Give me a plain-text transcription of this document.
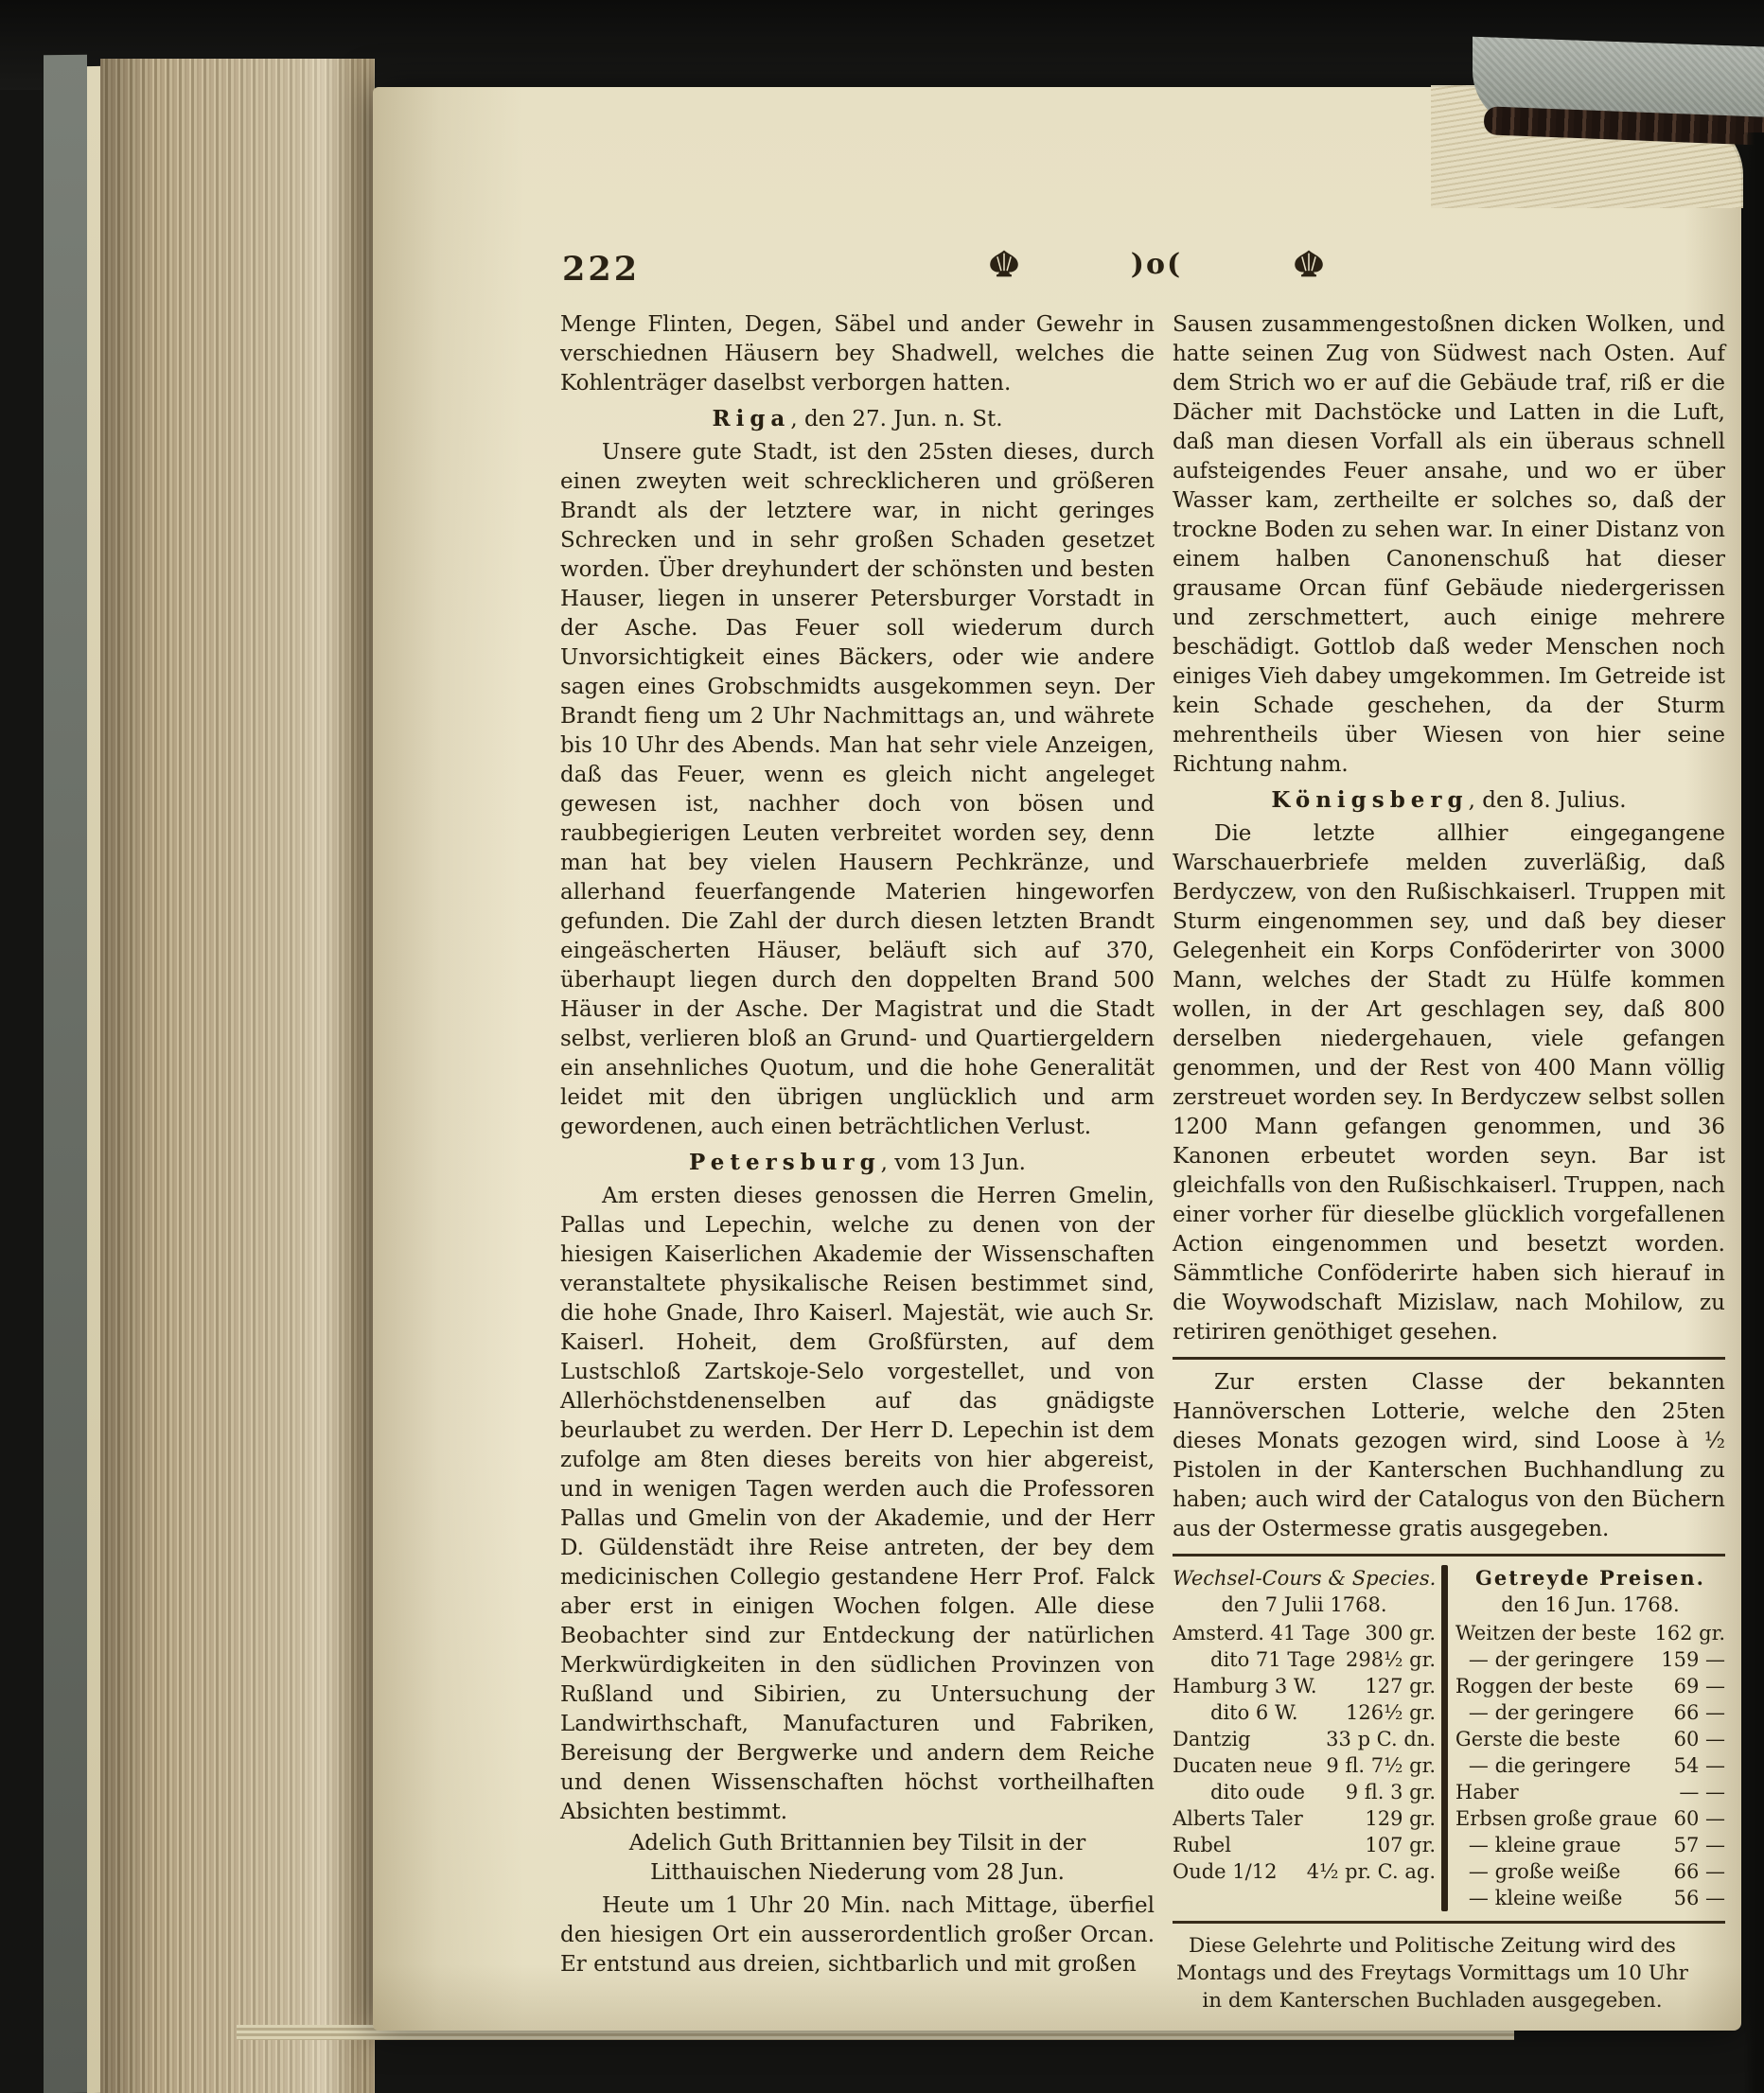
222	)o(

Menge Flinten, Degen, Säbel und ander Gewehr in verschiednen Häusern bey Shadwell, welches die Kohlenträger daselbst verborgen hatten.

Riga, den 27. Jun. n. St.

Unsere gute Stadt, ist den 25sten dieses, durch einen zweyten weit schrecklicheren und größeren Brandt als der letztere war, in nicht geringes Schrecken und in sehr großen Schaden gesetzet worden. Über dreyhundert der schönsten und besten Hauser, liegen in unserer Petersburger Vorstadt in der Asche. Das Feuer soll wiederum durch Unvorsichtigkeit eines Bäckers, oder wie andere sagen eines Grobschmidts ausgekommen seyn. Der Brandt fieng um 2 Uhr Nachmittags an, und währete bis 10 Uhr des Abends. Man hat sehr viele Anzeigen, daß das Feuer, wenn es gleich nicht angeleget gewesen ist, nachher doch von bösen und raubbegierigen Leuten verbreitet worden sey, denn man hat bey vielen Hausern Pechkränze, und allerhand feuerfangende Materien hingeworfen gefunden. Die Zahl der durch diesen letzten Brandt eingeäscherten Häuser, beläuft sich auf 370, überhaupt liegen durch den doppelten Brand 500 Häuser in der Asche. Der Magistrat und die Stadt selbst, verlieren bloß an Grund- und Quartiergeldern ein ansehnliches Quotum, und die hohe Generalität leidet mit den übrigen unglücklich und arm gewordenen, auch einen beträchtlichen Verlust.

Petersburg, vom 13 Jun.

Am ersten dieses genossen die Herren Gmelin, Pallas und Lepechin, welche zu denen von der hiesigen Kaiserlichen Akademie der Wissenschaften veranstaltete physikalische Reisen bestimmet sind, die hohe Gnade, Ihro Kaiserl. Majestät, wie auch Sr. Kaiserl. Hoheit, dem Großfürsten, auf dem Lustschloß Zartskoje-Selo vorgestellet, und von Allerhöchstdenenselben auf das gnädigste beurlaubet zu werden. Der Herr D. Lepechin ist dem zufolge am 8ten dieses bereits von hier abgereist, und in wenigen Tagen werden auch die Professoren Pallas und Gmelin von der Akademie, und der Herr D. Güldenstädt ihre Reise antreten, der bey dem medicinischen Collegio gestandene Herr Prof. Falck aber erst in einigen Wochen folgen. Alle diese Beobachter sind zur Entdeckung der natürlichen Merkwürdigkeiten in den südlichen Provinzen von Rußland und Sibirien, zu Untersuchung der Landwirthschaft, Manufacturen und Fabriken, Bereisung der Bergwerke und andern dem Reiche und denen Wissenschaften höchst vortheilhaften Absichten bestimmt.

Adelich Guth Brittannien bey Tilsit in der Litthauischen Niederung vom 28 Jun.

Heute um 1 Uhr 20 Min. nach Mittage, überfiel den hiesigen Ort ein ausserordentlich großer Orcan. Er entstund aus dreien, sichtbarlich und mit großen

Sausen zusammengestoßnen dicken Wolken, und hatte seinen Zug von Südwest nach Osten. Auf dem Strich wo er auf die Gebäude traf, riß er die Dächer mit Dachstöcke und Latten in die Luft, daß man diesen Vorfall als ein überaus schnell aufsteigendes Feuer ansahe, und wo er über Wasser kam, zertheilte er solches so, daß der trockne Boden zu sehen war. In einer Distanz von einem halben Canonenschuß hat dieser grausame Orcan fünf Gebäude niedergerissen und zerschmettert, auch einige mehrere beschädigt. Gottlob daß weder Menschen noch einiges Vieh dabey umgekommen. Im Getreide ist kein Schade geschehen, da der Sturm mehrentheils über Wiesen von hier seine Richtung nahm.

Königsberg, den 8. Julius.

Die letzte allhier eingegangene Warschauerbriefe melden zuverläßig, daß Berdyczew, von den Rußischkaiserl. Truppen mit Sturm eingenommen sey, und daß bey dieser Gelegenheit ein Korps Conföderirter von 3000 Mann, welches der Stadt zu Hülfe kommen wollen, in der Art geschlagen sey, daß 800 derselben niedergehauen, viele gefangen genommen, und der Rest von 400 Mann völlig zerstreuet worden sey. In Berdyczew selbst sollen 1200 Mann gefangen genommen, und 36 Kanonen erbeutet worden seyn. Bar ist gleichfalls von den Rußischkaiserl. Truppen, nach einer vorher für dieselbe glücklich vorgefallenen Action eingenommen und besetzt worden. Sämmtliche Conföderirte haben sich hierauf in die Woywodschaft Mizislaw, nach Mohilow, zu retiriren genöthiget gesehen.

Zur ersten Classe der bekannten Hannöverschen Lotterie, welche den 25ten dieses Monats gezogen wird, sind Loose à ½ Pistolen in der Kanterschen Buchhandlung zu haben; auch wird der Catalogus von den Büchern aus der Ostermesse gratis ausgegeben.

Wechsel-Cours & Species.
den 7 Julii 1768.
Amsterd. 41 Tage 300 gr.
dito 71 Tage 298½ gr.
Hamburg 3 W. 127 gr.
dito 6 W. 126½ gr.
Dantzig	33 p C. dn.
Ducaten neue 9 fl. 7½ gr.
dito oude 9 fl. 3 gr.
Alberts Taler	129 gr.
Rubel	107 gr.
Oude 1/12 4½ pr. C. ag.
Getreyde Preisen.
den 16 Jun. 1768.
Weitzen der beste 162 gr.
— der geringere 159 —
Roggen der beste 69 —
— der geringere 66 —
Gerste die beste	60 —
— die geringere 54 —
Haber	— —
Erbsen große graue 60 —
— kleine graue	57 —
— große weiße	66 —
— kleine weiße	56 —

Diese Gelehrte und Politische Zeitung wird des Montags und des Freytags Vormittags um 10 Uhr in dem Kanterschen Buchladen ausgegeben.
